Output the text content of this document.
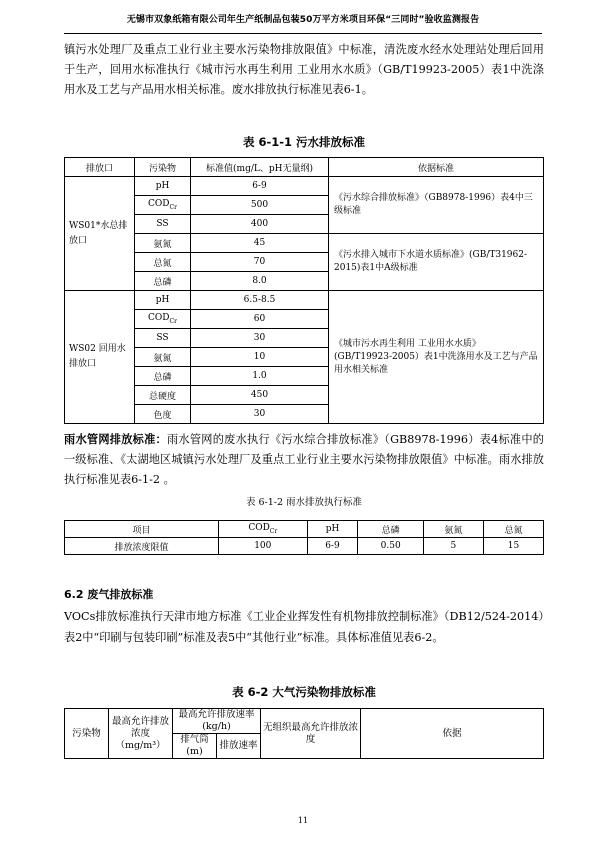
无锡市双象纸箱有限公司年生产纸制品包装50万平方米项目环保“三同时”验收监测报告
镇污水处理厂及重点工业行业主要水污染物排放限值》中标准，清洗废水经水处理站处理后回用于生产，回用水标准执行《城市污水再生利用 工业用水水质》（GB/T19923-2005）表1中洗涤用水及工艺与产品用水相关标准。废水排放执行标准见表6-1。
表 6-1-1 污水排放标准
排放口	污染物	标准值(mg/L、pH无量纲)	依据标准
WS01*水总排放口	pH	6-9	《污水综合排放标准》（GB8978-1996）表4中三级标准
	$COD_{Cr}$	500	
	SS	400	
	氨氮	45	《污水排入城市下水道水质标准》(GB/T31962-2015)表1中A级标准
	总氮	70	
	总磷	8.0	
WS02 回用水排放口	pH	6.5-8.5	《城市污水再生利用 工业用水水质》(GB/T19923-2005）表1中洗涤用水及工艺与产品用水相关标准
	$COD_{Cr}$	60	
	SS	30	
	氨氮	10	
	总磷	1.0	
	总硬度	450	
	色度	30	
雨水管网排放标准：雨水管网的废水执行《污水综合排放标准》（GB8978-1996）表4标准中的一级标准、《太湖地区城镇污水处理厂及重点工业行业主要水污染物排放限值》中标准。雨水排放执行标准见表6-1-2 。
表 6-1-2 雨水排放执行标准
项目	$COD_{Cr}$	pH	总磷	氨氮	总氮
排放浓度限值	100	6-9	0.50	5	15
6.2 废气排放标准
VOCs排放标准执行天津市地方标准《工业企业挥发性有机物排放控制标准》（DB12/524-2014）表2中“印刷与包装印刷”标准及表5中“其他行业”标准。具体标准值见表6-2。
表 6-2 大气污染物排放标准
污染物	最高允许排放浓度（mg/m³）	最高允许排放速率(kg/h)		无组织最高允许排放浓度	依据
		排气筒(m)	排放速率		
11
